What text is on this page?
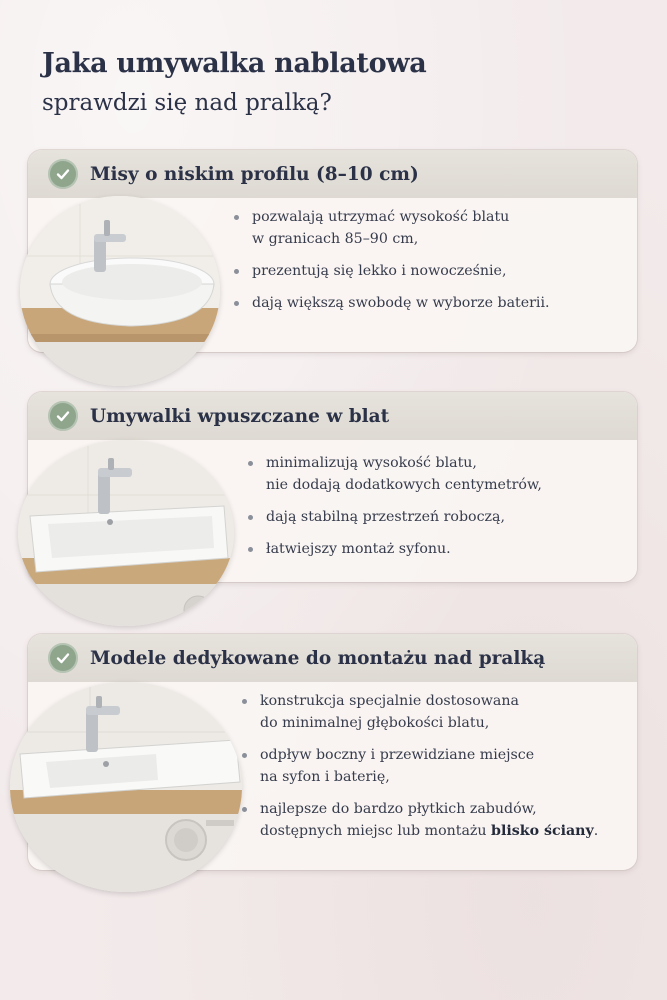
Jaka umywalka nablatowa
sprawdzi się nad pralką?
Misy o niskim profilu (8–10 cm)
pozwalają utrzymać wysokość blatu
w granicach 85–90 cm,
prezentują się lekko i nowocześnie,
dają większą swobodę w wyborze baterii.
Umywalki wpuszczane w blat
minimalizują wysokość blatu,
nie dodają dodatkowych centymetrów,
dają stabilną przestrzeń roboczą,
łatwiejszy montaż syfonu.
Modele dedykowane do montażu nad pralką
konstrukcja specjalnie dostosowana
do minimalnej głębokości blatu,
odpływ boczny i przewidziane miejsce
na syfon i baterię,
najlepsze do bardzo płytkich zabudów,
dostępnych miejsc lub montażu blisko ściany.
